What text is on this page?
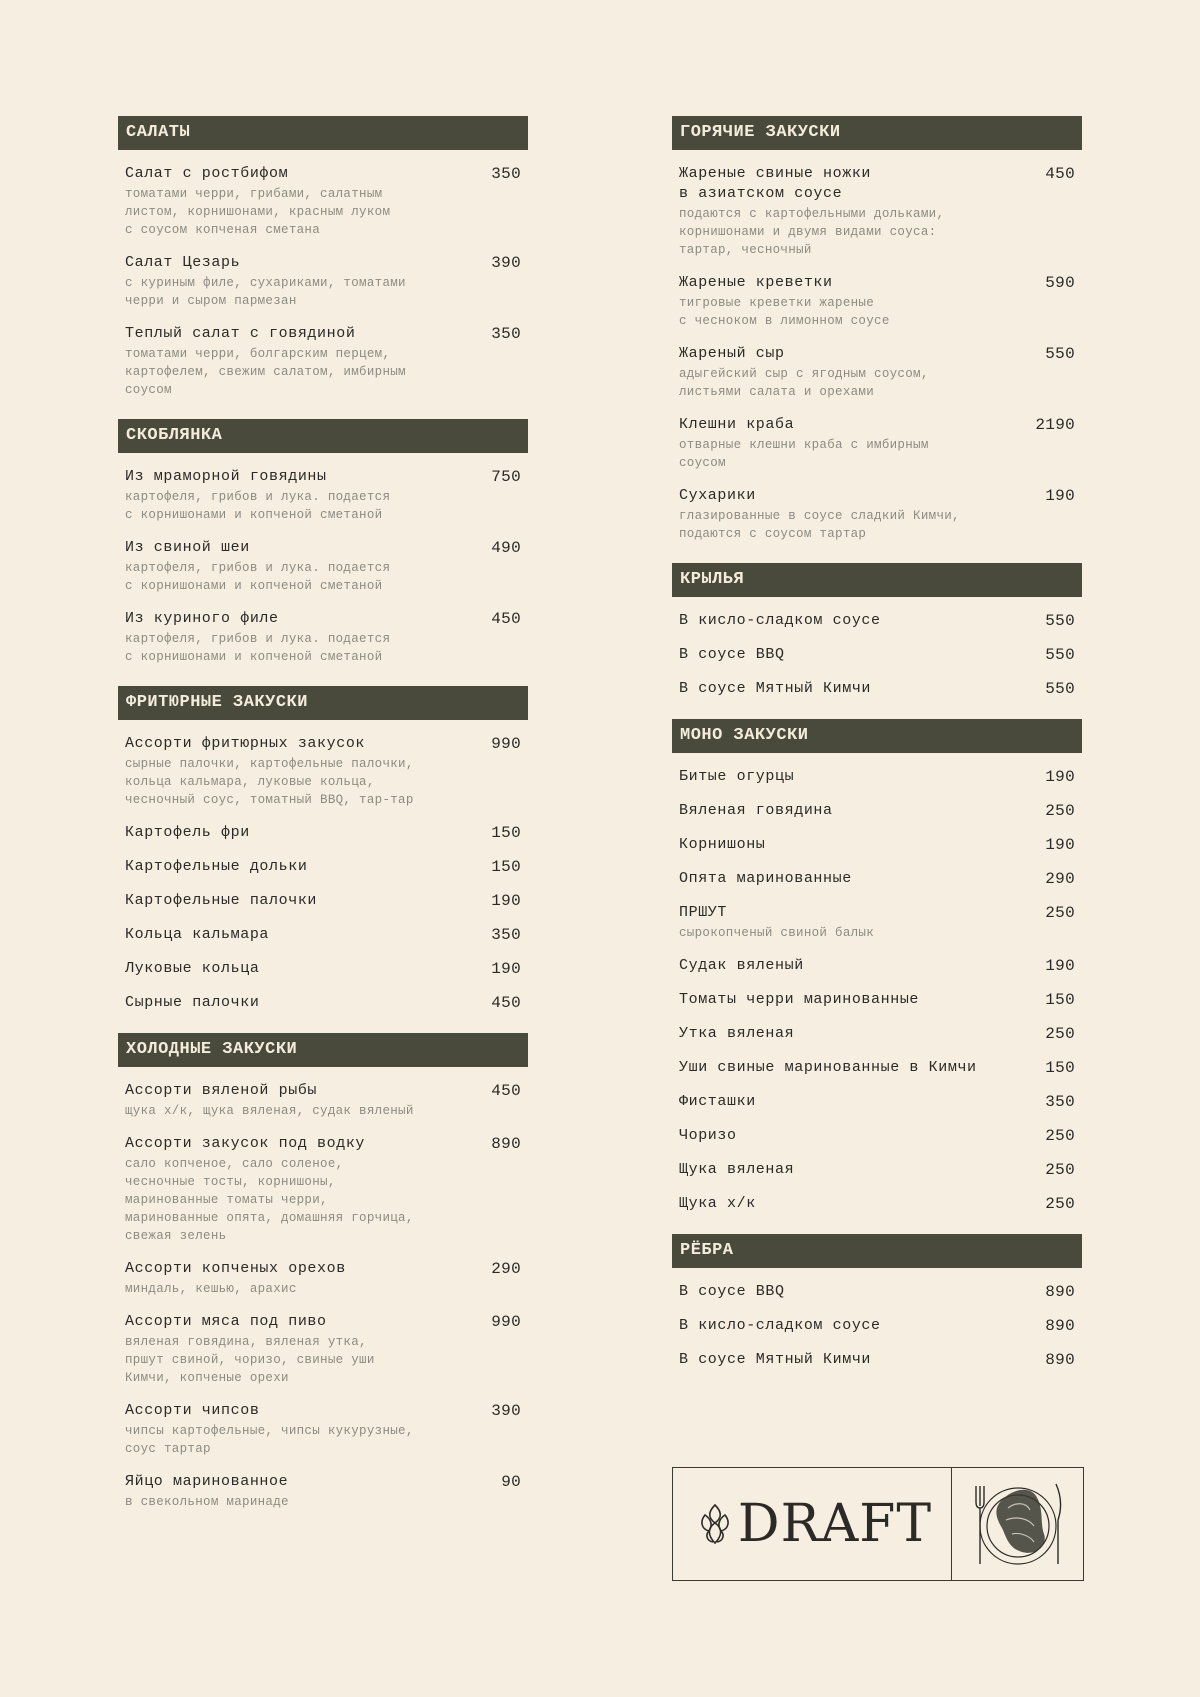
САЛАТЫ
Салат с ростбифом	350
томатами черри, грибами, салатным
листом, корнишонами, красным луком
с соусом копченая сметана
Салат Цезарь	390
с куриным филе, сухариками, томатами
черри и сыром пармезан
Теплый салат с говядиной	350
томатами черри, болгарским перцем,
картофелем, свежим салатом, имбирным
соусом
СКОБЛЯНКА
Из мраморной говядины	750
картофеля, грибов и лука. подается
с корнишонами и копченой сметаной
Из свиной шеи	490
картофеля, грибов и лука. подается
с корнишонами и копченой сметаной
Из куриного филе	450
картофеля, грибов и лука. подается
с корнишонами и копченой сметаной
ФРИТЮРНЫЕ ЗАКУСКИ
Ассорти фритюрных закусок	990
сырные палочки, картофельные палочки,
кольца кальмара, луковые кольца,
чесночный соус, томатный BBQ, тар-тар
Картофель фри	150
Картофельные дольки	150
Картофельные палочки	190
Кольца кальмара	350
Луковые кольца	190
Сырные палочки	450
ХОЛОДНЫЕ ЗАКУСКИ
Ассорти вяленой рыбы	450
щука х/к, щука вяленая, судак вяленый
Ассорти закусок под водку	890
сало копченое, сало соленое,
чесночные тосты, корнишоны,
маринованные томаты черри,
маринованные опята, домашняя горчица,
свежая зелень
Ассорти копченых орехов	290
миндаль, кешью, арахис
Ассорти мяса под пиво	990
вяленая говядина, вяленая утка,
пршут свиной, чоризо, свиные уши
Кимчи, копченые орехи
Ассорти чипсов	390
чипсы картофельные, чипсы кукурузные,
соус тартар
Яйцо маринованное	90
в свекольном маринаде
ГОРЯЧИЕ ЗАКУСКИ
Жареные свиные ножки
в азиатском соусе
450
подаются с картофельными дольками,
корнишонами и двумя видами соуса:
тартар, чесночный
Жареные креветки	590
тигровые креветки жареные
с чесноком в лимонном соусе
Жареный сыр	550
адыгейский сыр с ягодным соусом,
листьями салата и орехами
Клешни краба	2190
отварные клешни краба с имбирным
соусом
Сухарики	190
глазированные в соусе сладкий Кимчи,
подаются с соусом тартар
КРЫЛЬЯ
В кисло-сладком соусе	550
В соусе BBQ	550
В соусе Мятный Кимчи	550
МОНО ЗАКУСКИ
Битые огурцы	190
Вяленая говядина	250
Корнишоны	190
Опята маринованные	290
ПРШУТ	250
сырокопченый свиной балык
Судак вяленый	190
Томаты черри маринованные	150
Утка вяленая	250
Уши свиные маринованные в Кимчи	150
Фисташки	350
Чоризо	250
Щука вяленая	250
Щука х/к	250
РЁБРА
В соусе BBQ	890
В кисло-сладком соусе	890
В соусе Мятный Кимчи	890
DRAFT
